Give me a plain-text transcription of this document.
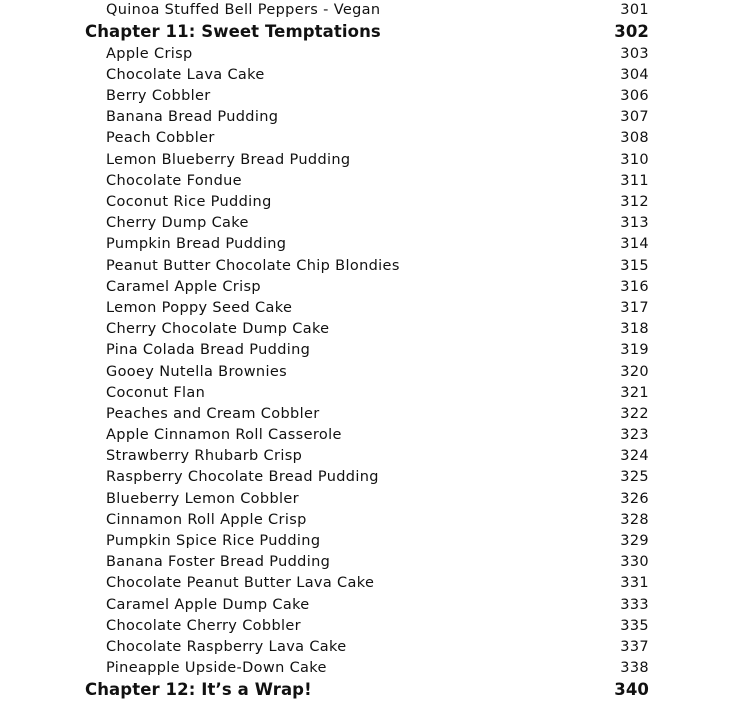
Quinoa Stuffed Bell Peppers - Vegan	301
Chapter 11: Sweet Temptations	302
Apple Crisp	303
Chocolate Lava Cake	304
Berry Cobbler	306
Banana Bread Pudding	307
Peach Cobbler	308
Lemon Blueberry Bread Pudding	310
Chocolate Fondue	311
Coconut Rice Pudding	312
Cherry Dump Cake	313
Pumpkin Bread Pudding	314
Peanut Butter Chocolate Chip Blondies	315
Caramel Apple Crisp	316
Lemon Poppy Seed Cake	317
Cherry Chocolate Dump Cake	318
Pina Colada Bread Pudding	319
Gooey Nutella Brownies	320
Coconut Flan	321
Peaches and Cream Cobbler	322
Apple Cinnamon Roll Casserole	323
Strawberry Rhubarb Crisp	324
Raspberry Chocolate Bread Pudding	325
Blueberry Lemon Cobbler	326
Cinnamon Roll Apple Crisp	328
Pumpkin Spice Rice Pudding	329
Banana Foster Bread Pudding	330
Chocolate Peanut Butter Lava Cake	331
Caramel Apple Dump Cake	333
Chocolate Cherry Cobbler	335
Chocolate Raspberry Lava Cake	337
Pineapple Upside-Down Cake	338
Chapter 12: It’s a Wrap!	340
